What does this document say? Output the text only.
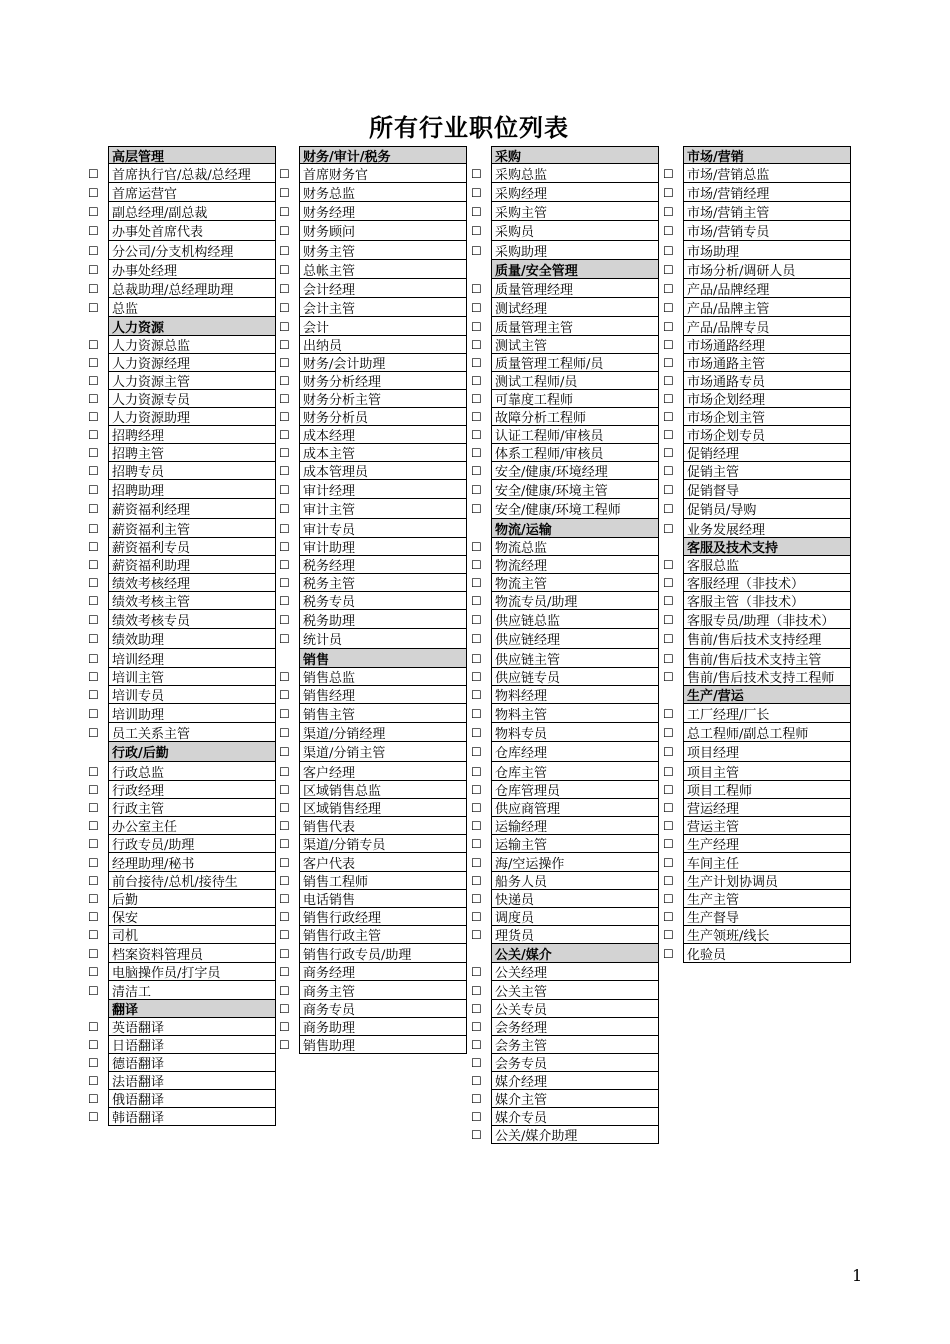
所有行业职位列表
高层管理
☐	首席执行官/总裁/总经理
☐	首席运营官
☐	副总经理/副总裁
☐	办事处首席代表
☐	分公司/分支机构经理
☐	办事处经理
☐	总裁助理/总经理助理
☐	总监
人力资源
☐	人力资源总监
☐	人力资源经理
☐	人力资源主管
☐	人力资源专员
☐	人力资源助理
☐	招聘经理
☐	招聘主管
☐	招聘专员
☐	招聘助理
☐	薪资福利经理
☐	薪资福利主管
☐	薪资福利专员
☐	薪资福利助理
☐	绩效考核经理
☐	绩效考核主管
☐	绩效考核专员
☐	绩效助理
☐	培训经理
☐	培训主管
☐	培训专员
☐	培训助理
☐	员工关系主管
行政/后勤
☐	行政总监
☐	行政经理
☐	行政主管
☐	办公室主任
☐	行政专员/助理
☐	经理助理/秘书
☐	前台接待/总机/接待生
☐	后勤
☐	保安
☐	司机
☐	档案资料管理员
☐	电脑操作员/打字员
☐	清洁工
翻译
☐	英语翻译
☐	日语翻译
☐	德语翻译
☐	法语翻译
☐	俄语翻译
☐	韩语翻译
财务/审计/税务
☐	首席财务官
☐	财务总监
☐	财务经理
☐	财务顾问
☐	财务主管
☐	总帐主管
☐	会计经理
☐	会计主管
☐	会计
☐	出纳员
☐	财务/会计助理
☐	财务分析经理
☐	财务分析主管
☐	财务分析员
☐	成本经理
☐	成本主管
☐	成本管理员
☐	审计经理
☐	审计主管
☐	审计专员
☐	审计助理
☐	税务经理
☐	税务主管
☐	税务专员
☐	税务助理
☐	统计员
销售
☐	销售总监
☐	销售经理
☐	销售主管
☐	渠道/分销经理
☐	渠道/分销主管
☐	客户经理
☐	区域销售总监
☐	区域销售经理
☐	销售代表
☐	渠道/分销专员
☐	客户代表
☐	销售工程师
☐	电话销售
☐	销售行政经理
☐	销售行政主管
☐	销售行政专员/助理
☐	商务经理
☐	商务主管
☐	商务专员
☐	商务助理
☐	销售助理
采购
☐	采购总监
☐	采购经理
☐	采购主管
☐	采购员
☐	采购助理
质量/安全管理
☐	质量管理经理
☐	测试经理
☐	质量管理主管
☐	测试主管
☐	质量管理工程师/员
☐	测试工程师/员
☐	可靠度工程师
☐	故障分析工程师
☐	认证工程师/审核员
☐	体系工程师/审核员
☐	安全/健康/环境经理
☐	安全/健康/环境主管
☐	安全/健康/环境工程师
物流/运输
☐	物流总监
☐	物流经理
☐	物流主管
☐	物流专员/助理
☐	供应链总监
☐	供应链经理
☐	供应链主管
☐	供应链专员
☐	物料经理
☐	物料主管
☐	物料专员
☐	仓库经理
☐	仓库主管
☐	仓库管理员
☐	供应商管理
☐	运输经理
☐	运输主管
☐	海/空运操作
☐	船务人员
☐	快递员
☐	调度员
☐	理货员
公关/媒介
☐	公关经理
☐	公关主管
☐	公关专员
☐	会务经理
☐	会务主管
☐	会务专员
☐	媒介经理
☐	媒介主管
☐	媒介专员
☐	公关/媒介助理
市场/营销
☐	市场/营销总监
☐	市场/营销经理
☐	市场/营销主管
☐	市场/营销专员
☐	市场助理
☐	市场分析/调研人员
☐	产品/品牌经理
☐	产品/品牌主管
☐	产品/品牌专员
☐	市场通路经理
☐	市场通路主管
☐	市场通路专员
☐	市场企划经理
☐	市场企划主管
☐	市场企划专员
☐	促销经理
☐	促销主管
☐	促销督导
☐	促销员/导购
☐	业务发展经理
客服及技术支持
☐	客服总监
☐	客服经理（非技术）
☐	客服主管（非技术）
☐	客服专员/助理（非技术）
☐	售前/售后技术支持经理
☐	售前/售后技术支持主管
☐	售前/售后技术支持工程师
生产/营运
☐	工厂经理/厂长
☐	总工程师/副总工程师
☐	项目经理
☐	项目主管
☐	项目工程师
☐	营运经理
☐	营运主管
☐	生产经理
☐	车间主任
☐	生产计划协调员
☐	生产主管
☐	生产督导
☐	生产领班/线长
☐	化验员
1
